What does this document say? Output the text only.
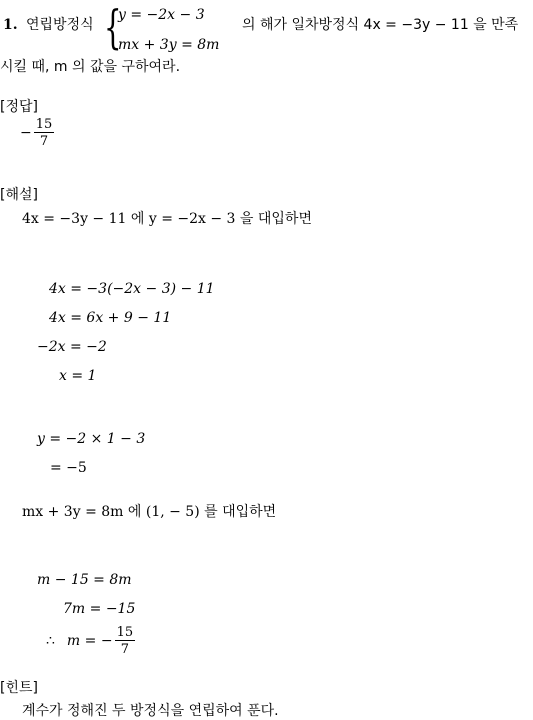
1. 연립방정식 {
y = −2x − 3
mx + 3y = 8m
의 해가 일차방정식 4x = −3y − 11 을 만족
시킬 때, m 의 값을 구하여라.
[정답]
− $\frac{15}{7}$
[해설]
4x = −3y − 11 에 y = −2x − 3 을 대입하면
4x = −3(−2x − 3) − 11
4x = 6x + 9 − 11
−2x = −2
x = 1
y = −2 × 1 − 3
= −5
mx + 3y = 8m 에 (1, − 5) 를 대입하면
m − 15 = 8m
7m = −15
∴ m = − $\frac{15}{7}$
[힌트]
계수가 정해진 두 방정식을 연립하여 푼다.
